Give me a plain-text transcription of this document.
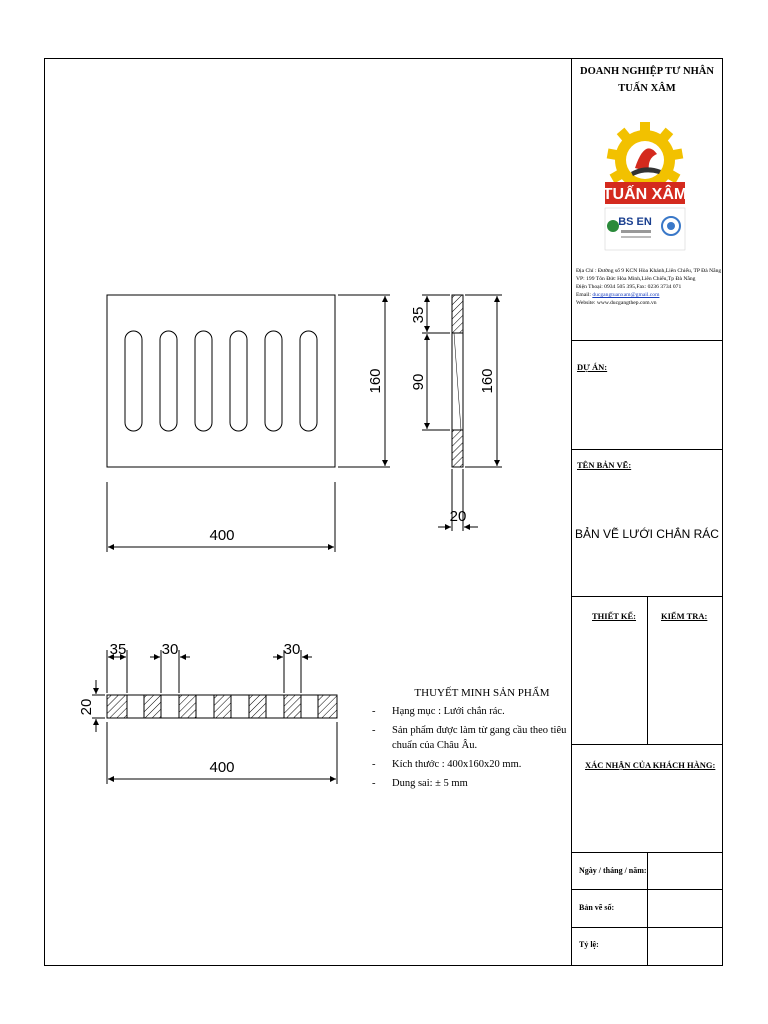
DOANH NGHIỆP TƯ NHÂN
TUẤN XÂM
TUẤN XÂM
BS EN
Địa Chỉ : Đường số 9 KCN Hòa Khánh,Liên Chiểu, TP Đà Nẵng
VP: 199 Tôn Đức Hòa Minh,Liên Chiểu,Tp Đà Nẵng
Điện Thoại: 0934 505 395,Fax: 0236 3734 071
Email: ducgangtuanxam@gmail.com
Website: www.ducgangthep.com.vn
DỰ ÁN:
TÊN BẢN VẼ:
BẢN VẼ LƯỚI CHẮN RÁC
THIẾT KẾ:	KIỂM TRA:
XÁC NHẬN CỦA KHÁCH HÀNG:
Ngày / tháng / năm:
Bản vẽ số:
Tỷ lệ:
400
160
35
90	160
20
35 30	30
20
400
THUYẾT MINH SẢN PHẨM
- Hạng mục : Lưới chắn rác.
- Sản phẩm được làm từ gang cầu theo tiêu chuẩn của Châu Âu.
- Kích thước : 400x160x20 mm.
- Dung sai: ± 5 mm
